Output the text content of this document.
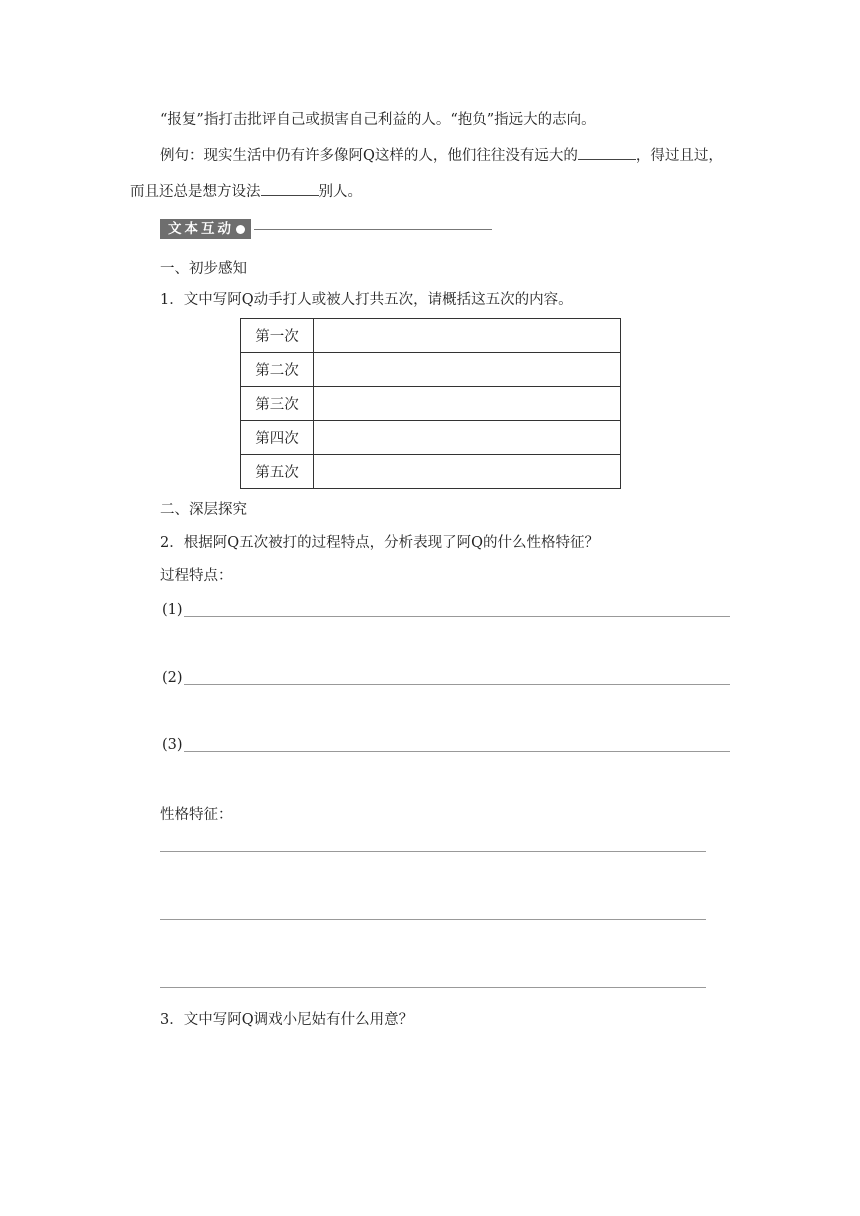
“报复”指打击批评自己或损害自己利益的人。“抱负”指远大的志向。
例句：现实生活中仍有许多像阿Q这样的人，他们往往没有远大的	，得过且过，
而且还总是想方设法	别人。
文本互动
一、初步感知
1．文中写阿Q动手打人或被人打共五次，请概括这五次的内容。
第一次	
第二次	
第三次	
第四次	
第五次	
二、深层探究
2．根据阿Q五次被打的过程特点，分析表现了阿Q的什么性格特征？
过程特点：
(1)
(2)
(3)
性格特征：
3．文中写阿Q调戏小尼姑有什么用意？
